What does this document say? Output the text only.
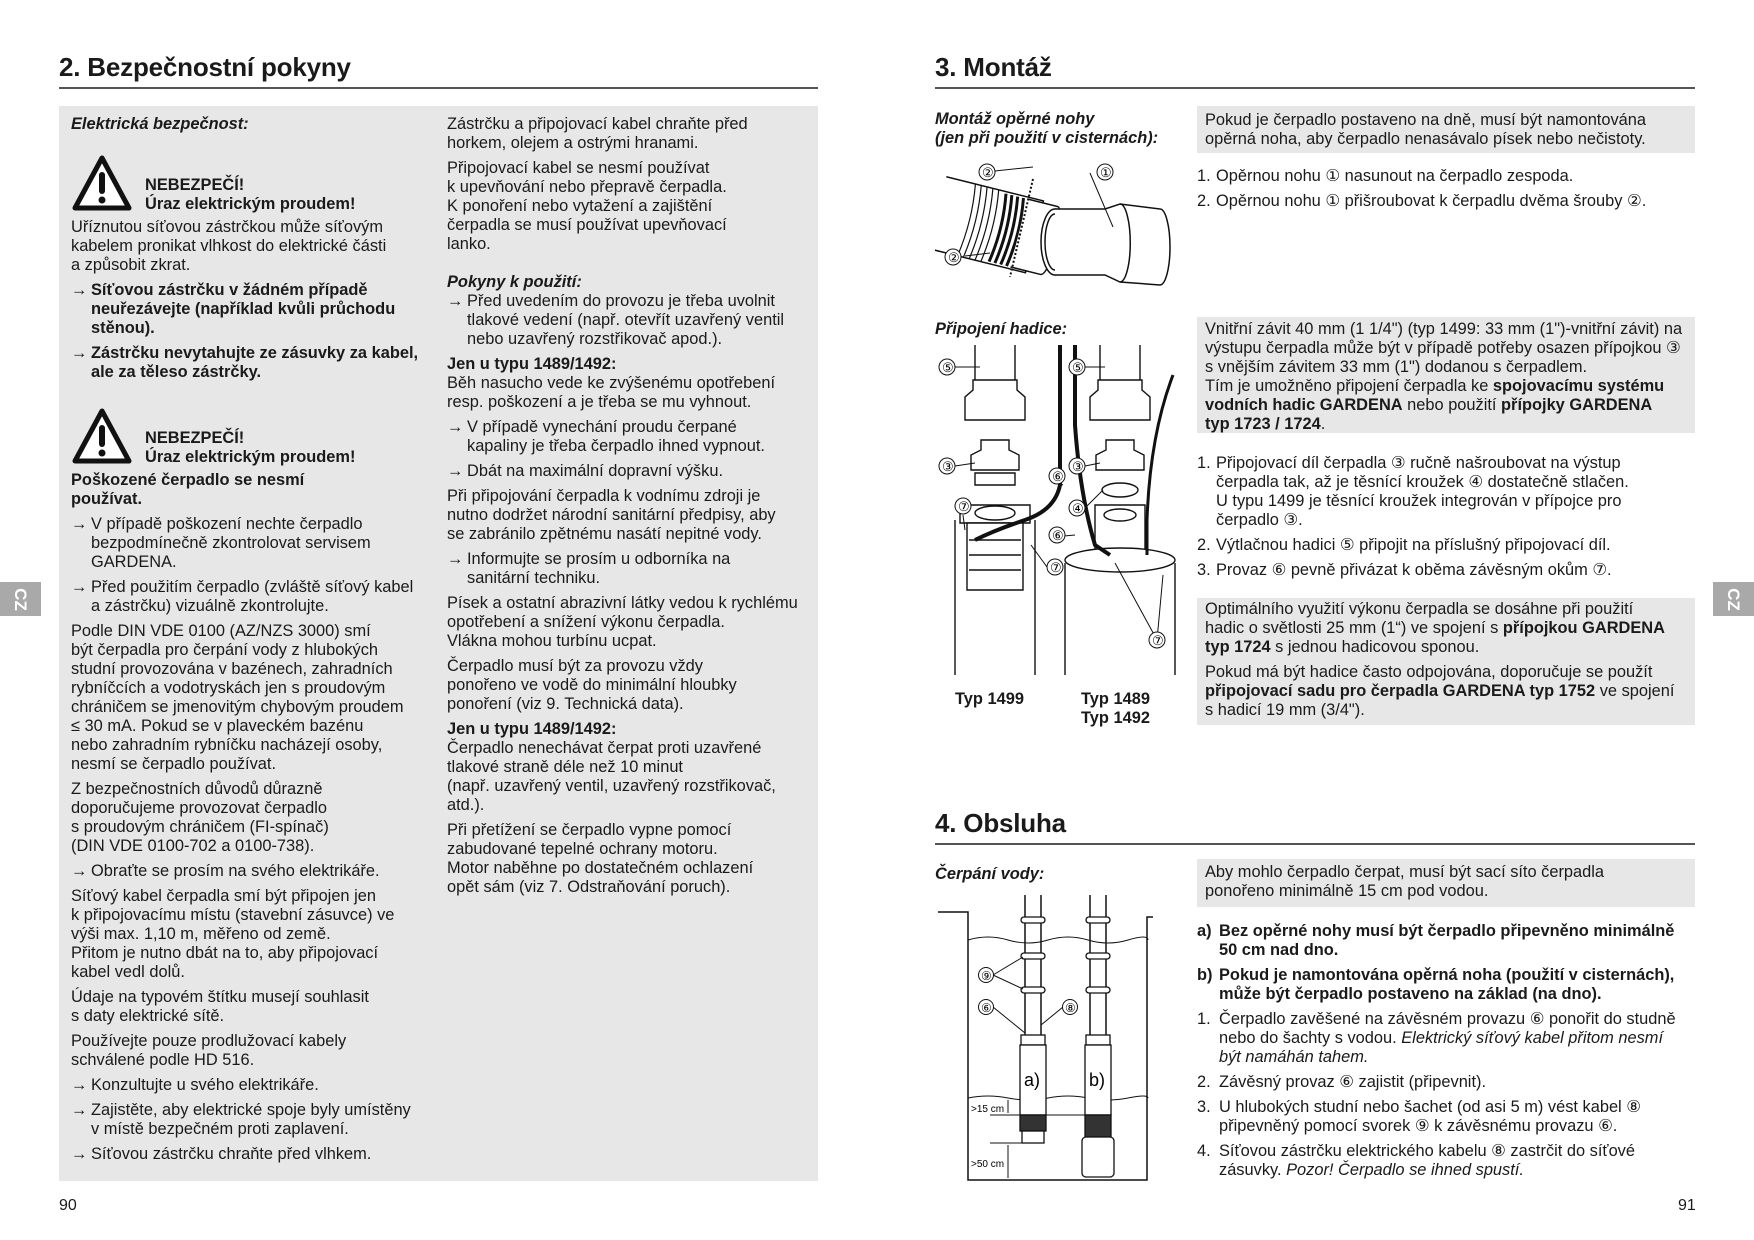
2. Bezpečnostní pokyny
CZ
Elektrická bezpečnost:
NEBEZPEČÍ!
Úraz elektrickým proudem!

Uříznutou síťovou zástrčkou může síťovým
kabelem pronikat vlhkost do elektrické části
a způsobit zkrat.

→ Síťovou zástrčku v žádném případě
neuřezávejte (například kvůli průchodu
stěnou).

→ Zástrčku nevytahujte ze zásuvky za kabel,
ale za těleso zástrčky.

NEBEZPEČÍ!
Úraz elektrickým proudem!

Poškozené čerpadlo se nesmí
používat.

→ V případě poškození nechte čerpadlo
bezpodmínečně zkontrolovat servisem
GARDENA.

→ Před použitím čerpadlo (zvláště síťový kabel
a zástrčku) vizuálně zkontrolujte.

Podle DIN VDE 0100 (AZ/NZS 3000) smí
být čerpadla pro čerpání vody z hlubokých
studní provozována v bazénech, zahradních
rybníčcích a vodotryskách jen s proudovým
chráničem se jmenovitým chybovým proudem
≤ 30 mA. Pokud se v plaveckém bazénu
nebo zahradním rybníčku nacházejí osoby,
nesmí se čerpadlo používat.

Z bezpečnostních důvodů důrazně
doporučujeme provozovat čerpadlo
s proudovým chráničem (FI-spínač)
(DIN VDE 0100-702 a 0100-738).

→ Obraťte se prosím na svého elektrikáře.

Síťový kabel čerpadla smí být připojen jen
k připojovacímu místu (stavební zásuvce) ve
výši max. 1,10 m, měřeno od země.
Přitom je nutno dbát na to, aby připojovací
kabel vedl dolů.

Údaje na typovém štítku musejí souhlasit
s daty elektrické sítě.

Používejte pouze prodlužovací kabely
schválené podle HD 516.

→ Konzultujte u svého elektrikáře.

→ Zajistěte, aby elektrické spoje byly umístěny
v místě bezpečném proti zaplavení.

→ Síťovou zástrčku chraňte před vlhkem.

Zástrčku a připojovací kabel chraňte před
horkem, olejem a ostrými hranami.

Připojovací kabel se nesmí používat
k upevňování nebo přepravě čerpadla.
K ponoření nebo vytažení a zajištění
čerpadla se musí používat upevňovací
lanko.

Pokyny k použití:

→ Před uvedením do provozu je třeba uvolnit
tlakové vedení (např. otevřít uzavřený ventil
nebo uzavřený rozstřikovač apod.).

Jen u typu 1489/1492:

Běh nasucho vede ke zvýšenému opotřebení
resp. poškození a je třeba se mu vyhnout.

→ V případě vynechání proudu čerpané
kapaliny je třeba čerpadlo ihned vypnout.

→ Dbát na maximální dopravní výšku.

Při připojování čerpadla k vodnímu zdroji je
nutno dodržet národní sanitární předpisy, aby
se zabránilo zpětnému nasátí nepitné vody.

→ Informujte se prosím u odborníka na
sanitární techniku.

Písek a ostatní abrazivní látky vedou k rychlému
opotřebení a snížení výkonu čerpadla.
Vlákna mohou turbínu ucpat.

Čerpadlo musí být za provozu vždy
ponořeno ve vodě do minimální hloubky
ponoření (viz 9. Technická data).

Jen u typu 1489/1492:

Čerpadlo nenechávat čerpat proti uzavřené
tlakové straně déle než 10 minut
(např. uzavřený ventil, uzavřený rozstřikovač,
atd.).

Při přetížení se čerpadlo vypne pomocí
zabudované tepelné ochrany motoru.
Motor naběhne po dostatečném ochlazení
opět sám (viz 7. Odstraňování poruch).

90
3. Montáž
CZ
Montáž opěrné nohy
(jen při použití v cisternách):
Pokud je čerpadlo postaveno na dně, musí být namontována
opěrná noha, aby čerpadlo nenasávalo písek nebo nečistoty.
1. Opěrnou nohu ① nasunout na čerpadlo zespoda.
2. Opěrnou nohu ① přišroubovat k čerpadlu dvěma šrouby ②.
②	①
②
Připojení hadice:	Vnitřní závit 40 mm (1 1/4") (typ 1499: 33 mm (1")-vnitřní závit) na
výstupu čerpadla může být v případě potřeby osazen přípojkou ③
s vnějším závitem 33 mm (1") dodanou s čerpadlem.
Tím je umožněno připojení čerpadla ke spojovacímu systému
vodních hadic GARDENA nebo použití přípojky GARDENA
typ 1723 / 1724.
1. Připojovací díl čerpadla ③ ručně našroubovat na výstup
čerpadla tak, až je těsnící kroužek ④ dostatečně stlačen.
U typu 1499 je těsnící kroužek integrován v přípojce pro
čerpadlo ③.
2. Výtlačnou hadici ⑤ připojit na příslušný připojovací díl.
3. Provaz ⑥ pevně přivázat k oběma závěsným okům ⑦.

Optimálního využití výkonu čerpadla se dosáhne při použití
hadic o světlosti 25 mm (1“) ve spojení s přípojkou GARDENA
typ 1724 s jednou hadicovou sponou.

Pokud má být hadice často odpojována, doporučuje se použít
připojovací sadu pro čerpadla GARDENA typ 1752 ve spojení
s hadicí 19 mm (3/4").

⑤
③
⑦
⑥
⑦
⑤
③
④
⑥
⑦
Typ 1499	Typ 1489
Typ 1492
4. Obsluha
Čerpání vody:	Aby mohlo čerpadlo čerpat, musí být sací síto čerpadla
ponořeno minimálně 15 cm pod vodou.
a) Bez opěrné nohy musí být čerpadlo připevněno minimálně
50 cm nad dno.
b) Pokud je namontována opěrná noha (použití v cisternách),
může být čerpadlo postaveno na základ (na dno).
1. Čerpadlo zavěšené na závěsném provazu ⑥ ponořit do studně
nebo do šachty s vodou. Elektrický síťový kabel přitom nesmí
být namáhán tahem.
2. Závěsný provaz ⑥ zajistit (připevnit).
3. U hlubokých studní nebo šachet (od asi 5 m) vést kabel ⑧
připevněný pomocí svorek ⑨ k závěsnému provazu ⑥.
4. Síťovou zástrčku elektrického kabelu ⑧ zastrčit do síťové
zásuvky. Pozor! Čerpadlo se ihned spustí.
⑨
⑥	⑧
a)	b)
>15 cm
>50 cm
91
